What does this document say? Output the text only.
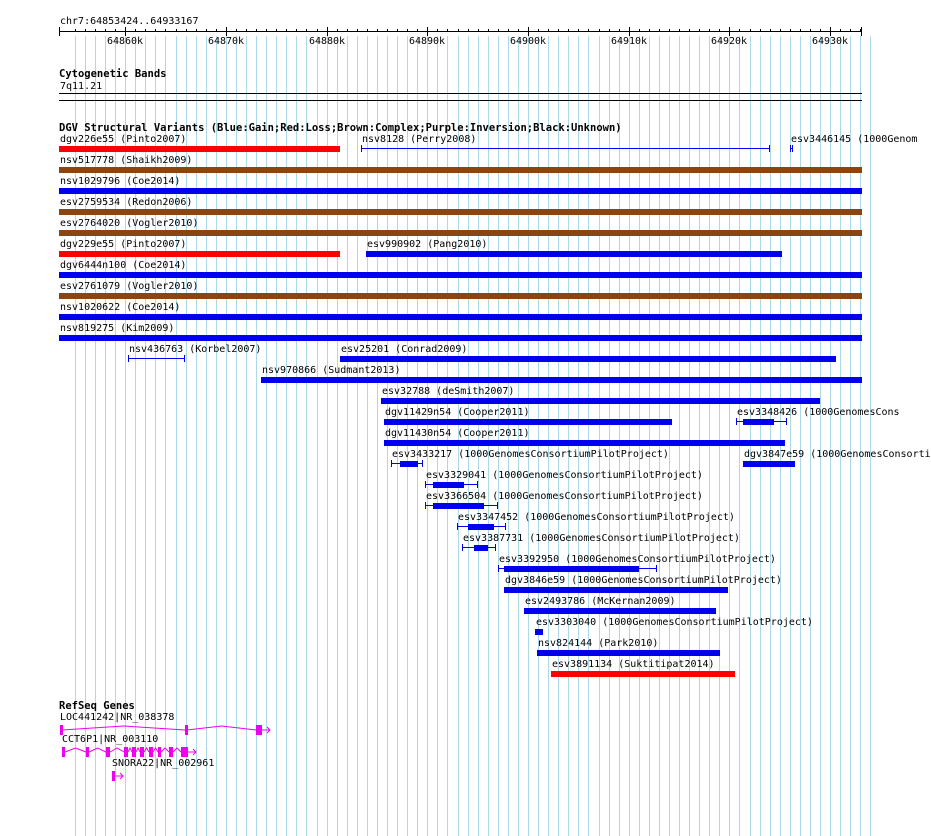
chr7:64853424..64933167
64860k	64870k	64880k	64890k	64900k	64910k	64920k	64930k
Cytogenetic Bands
7q11.21
DGV Structural Variants (Blue:Gain;Red:Loss;Brown:Complex;Purple:Inversion;Black:Unknown)
dgv226e55 (Pinto2007)	nsv8128 (Perry2008)	esv3446145 (1000Genom
nsv517778 (Shaikh2009)
nsv1029796 (Coe2014)
esv2759534 (Redon2006)
esv2764020 (Vogler2010)
dgv229e55 (Pinto2007)	esv990902 (Pang2010)
dgv6444n100 (Coe2014)
esv2761079 (Vogler2010)
nsv1020622 (Coe2014)
nsv819275 (Kim2009)
nsv436763 (Korbel2007)	esv25201 (Conrad2009)
nsv970866 (Sudmant2013)
esv32788 (deSmith2007)
dgv11429n54 (Cooper2011)	esv3348426 (1000GenomesCons
dgv11430n54 (Cooper2011)
esv3433217 (1000GenomesConsortiumPilotProject)	dgv3847e59 (1000GenomesConsorti
esv3329041 (1000GenomesConsortiumPilotProject)
esv3366504 (1000GenomesConsortiumPilotProject)
esv3347452 (1000GenomesConsortiumPilotProject)
esv3387731 (1000GenomesConsortiumPilotProject)
esv3392950 (1000GenomesConsortiumPilotProject)
dgv3846e59 (1000GenomesConsortiumPilotProject)
esv2493786 (McKernan2009)
esv3303040 (1000GenomesConsortiumPilotProject)
nsv824144 (Park2010)
esv3891134 (Suktitipat2014)
RefSeq Genes
LOC441242|NR_038378
CCT6P1|NR_003110
SNORA22|NR_002961
